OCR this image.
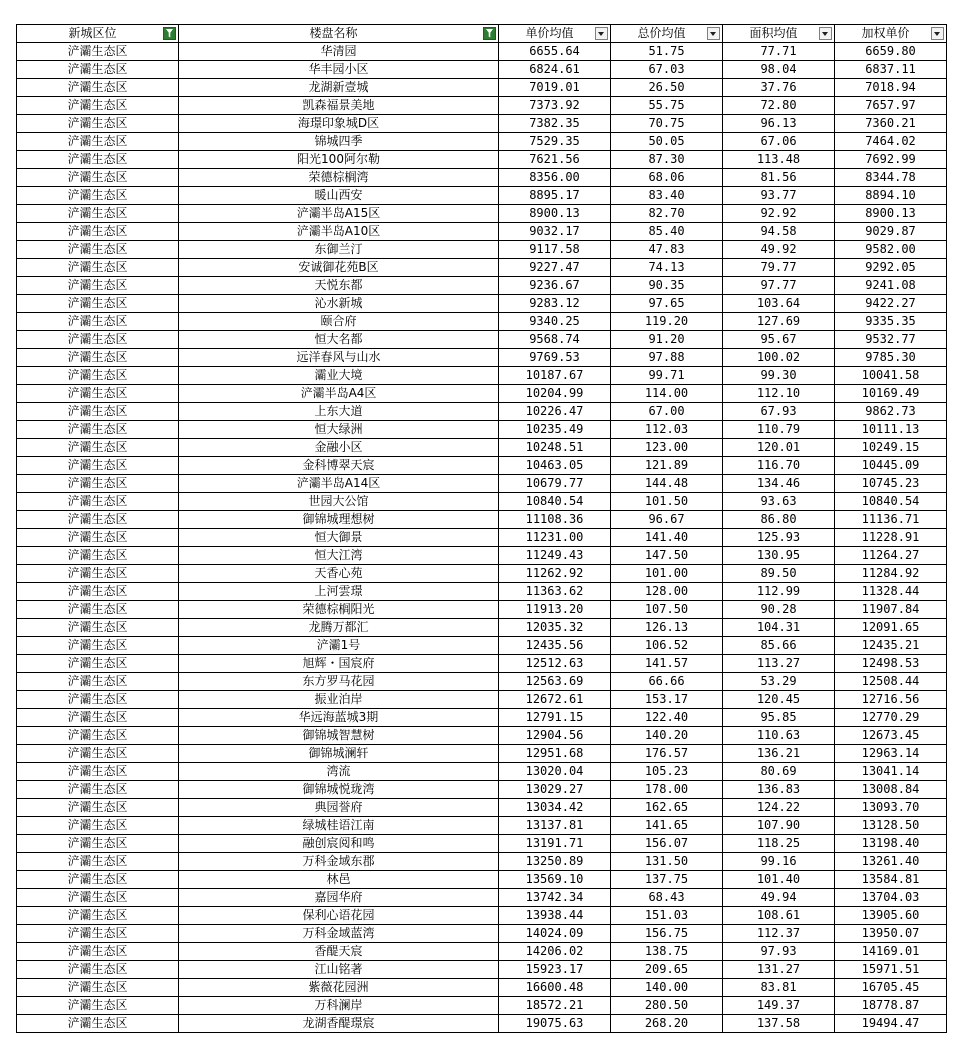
新城区位	楼盘名称	单价均值	总价均值	面积均值	加权单价

浐灞生态区	华清园	6655.64	51.75	77.71	6659.80
浐灞生态区	华丰园小区	6824.61	67.03	98.04	6837.11
浐灞生态区	龙湖新壹城	7019.01	26.50	37.76	7018.94
浐灞生态区	凯森福景美地	7373.92	55.75	72.80	7657.97
浐灞生态区	海璟印象城D区	7382.35	70.75	96.13	7360.21
浐灞生态区	锦城四季	7529.35	50.05	67.06	7464.02
浐灞生态区	阳光100阿尔勒	7621.56	87.30	113.48	7692.99
浐灞生态区	荣德棕榈湾	8356.00	68.06	81.56	8344.78
浐灞生态区	暖山西安	8895.17	83.40	93.77	8894.10
浐灞生态区	浐灞半岛A15区	8900.13	82.70	92.92	8900.13
浐灞生态区	浐灞半岛A10区	9032.17	85.40	94.58	9029.87
浐灞生态区	东御兰汀	9117.58	47.83	49.92	9582.00
浐灞生态区	安诚御花苑B区	9227.47	74.13	79.77	9292.05
浐灞生态区	天悦东都	9236.67	90.35	97.77	9241.08
浐灞生态区	沁水新城	9283.12	97.65	103.64	9422.27
浐灞生态区	颐合府	9340.25	119.20	127.69	9335.35
浐灞生态区	恒大名都	9568.74	91.20	95.67	9532.77
浐灞生态区	远洋春风与山水	9769.53	97.88	100.02	9785.30
浐灞生态区	灞业大境	10187.67	99.71	99.30	10041.58
浐灞生态区	浐灞半岛A4区	10204.99	114.00	112.10	10169.49
浐灞生态区	上东大道	10226.47	67.00	67.93	9862.73
浐灞生态区	恒大绿洲	10235.49	112.03	110.79	10111.13
浐灞生态区	金融小区	10248.51	123.00	120.01	10249.15
浐灞生态区	金科博翠天宸	10463.05	121.89	116.70	10445.09
浐灞生态区	浐灞半岛A14区	10679.77	144.48	134.46	10745.23
浐灞生态区	世园大公馆	10840.54	101.50	93.63	10840.54
浐灞生态区	御锦城理想树	11108.36	96.67	86.80	11136.71
浐灞生态区	恒大御景	11231.00	141.40	125.93	11228.91
浐灞生态区	恒大江湾	11249.43	147.50	130.95	11264.27
浐灞生态区	天香心苑	11262.92	101.00	89.50	11284.92
浐灞生态区	上河雲璟	11363.62	128.00	112.99	11328.44
浐灞生态区	荣德棕榈阳光	11913.20	107.50	90.28	11907.84
浐灞生态区	龙腾万都汇	12035.32	126.13	104.31	12091.65
浐灞生态区	浐灞1号	12435.56	106.52	85.66	12435.21
浐灞生态区	旭辉・国宸府	12512.63	141.57	113.27	12498.53
浐灞生态区	东方罗马花园	12563.69	66.66	53.29	12508.44
浐灞生态区	振业泊岸	12672.61	153.17	120.45	12716.56
浐灞生态区	华远海蓝城3期	12791.15	122.40	95.85	12770.29
浐灞生态区	御锦城智慧树	12904.56	140.20	110.63	12673.45
浐灞生态区	御锦城澜轩	12951.68	176.57	136.21	12963.14
浐灞生态区	湾流	13020.04	105.23	80.69	13041.14
浐灞生态区	御锦城悦珑湾	13029.27	178.00	136.83	13008.84
浐灞生态区	典园誉府	13034.42	162.65	124.22	13093.70
浐灞生态区	绿城桂语江南	13137.81	141.65	107.90	13128.50
浐灞生态区	融创宸阅和鸣	13191.71	156.07	118.25	13198.40
浐灞生态区	万科金域东郡	13250.89	131.50	99.16	13261.40
浐灞生态区	林邑	13569.10	137.75	101.40	13584.81
浐灞生态区	嘉园华府	13742.34	68.43	49.94	13704.03
浐灞生态区	保利心语花园	13938.44	151.03	108.61	13905.60
浐灞生态区	万科金域蓝湾	14024.09	156.75	112.37	13950.07
浐灞生态区	香醍天宸	14206.02	138.75	97.93	14169.01
浐灞生态区	江山铭著	15923.17	209.65	131.27	15971.51
浐灞生态区	紫薇花园洲	16600.48	140.00	83.81	16705.45
浐灞生态区	万科澜岸	18572.21	280.50	149.37	18778.87
浐灞生态区	龙湖香醍璟宸	19075.63	268.20	137.58	19494.47
